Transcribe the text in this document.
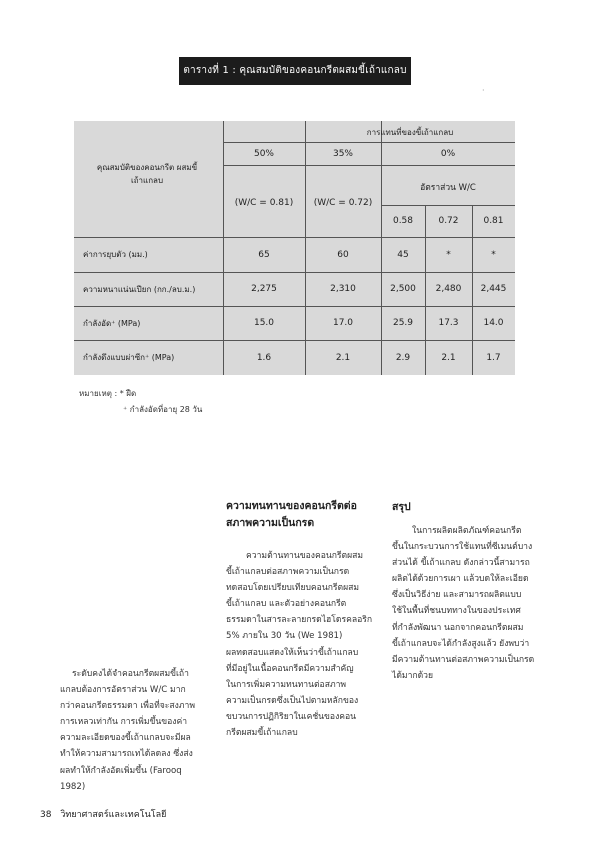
ตารางที่ 1 : คุณสมบัติของคอนกรีตผสมขี้เถ้าแกลบ
·
การแทนที่ของขี้เถ้าแกลบ
คุณสมบัติของคอนกรีต ผสมขี้เถ้าแกลบ
50%	35%	0%
(W/C = 0.81)	(W/C = 0.72)
อัตราส่วน W/C
0.58	0.72	0.81
ค่าการยุบตัว (มม.)	65	60	45	*	*
ความหนาแน่นเปียก (กก./ลบ.ม.)	2,275	2,310	2,500	2,480	2,445
กำลังอัด⁺ (MPa)	15.0	17.0	25.9	17.3	14.0
กำลังดึงแบบผ่าซีก⁺ (MPa)	1.6	2.1	2.9	2.1	1.7
หมายเหตุ : * ฝืด
⁺ กำลังอัดที่อายุ 28 วัน

ระดับคงได้จำคอนกรีตผสมขี้เถ้า

แกลบต้องการอัตราส่วน W/C มาก

กว่าคอนกรีตธรรมดา เพื่อที่จะสงภาพ

การเหลวเท่ากัน การเพิ่มขึ้นของค่า

ความละเอียดของขี้เถ้าแกลบจะมีผล

ทำให้ความสามารถเทได้ลดลง ซึ่งส่ง

ผลทำให้กำลังอัดเพิ่มขึ้น (Farooq

1982)

ความทนทานของคอนกรีตต่อ
สภาพความเป็นกรด

ความต้านทานของคอนกรีตผสม

ขี้เถ้าแกลบต่อสภาพความเป็นกรด

ทดสอบโดยเปรียบเทียบคอนกรีตผสม

ขี้เถ้าแกลบ และตัวอย่างคอนกรีต

ธรรมดาในสารละลายกรดไฮโดรคลอริก

5% ภายใน 30 วัน (We 1981)

ผลทดสอบแสดงให้เห็นว่าขี้เถ้าแกลบ

ที่มีอยู่ในเนื้อคอนกรีตมีความสำคัญ

ในการเพิ่มความทนทานต่อสภาพ

ความเป็นกรดซึ่งเป็นไปตามหลักของ

ขบวนการปฏิกิริยาในเคชั่นของคอน

กรีตผสมขี้เถ้าแกลบ

สรุป

ในการผลิตผลิตภัณฑ์คอนกรีต

ขึ้นในกระบวนการใช้แทนที่ซีเมนต์บาง

ส่วนได้ ขี้เถ้าแกลบ ดังกล่าวนี้สามารถ

ผลิตได้ด้วยการเผา แล้วบดให้ละเอียด

ซึ่งเป็นวิธีง่าย และสามารถผลิตแบบ

ใช้ในพื้นที่ชนบททางในของประเทศ

ที่กำลังพัฒนา นอกจากคอนกรีตผสม

ขี้เถ้าแกลบจะได้กำลังสูงแล้ว ยังพบว่า

มีความต้านทานต่อสภาพความเป็นกรด

ได้มากด้วย

38 วิทยาศาสตร์และเทคโนโลยี
